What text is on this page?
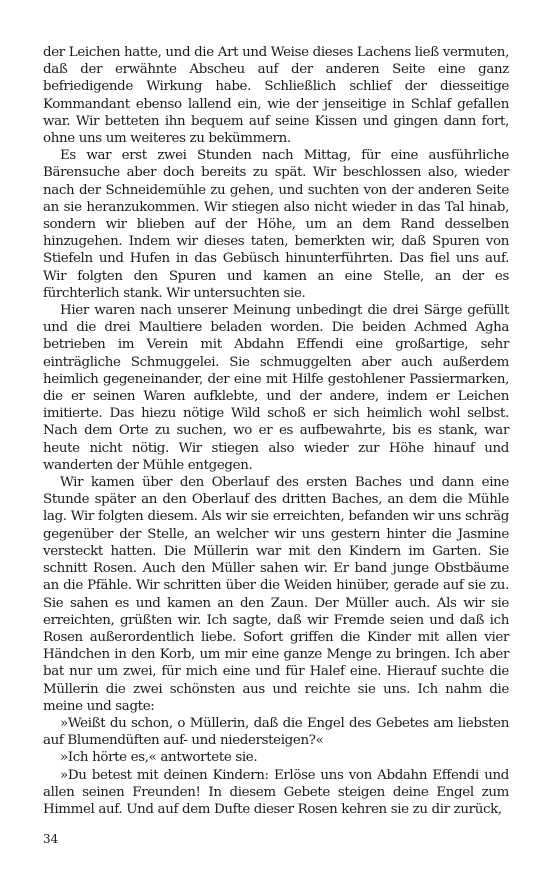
der Leichen hatte, und die Art und Weise dieses Lachens ließ vermuten, daß der erwähnte Abscheu auf der anderen Seite eine ganz befriedigende Wirkung habe. Schließlich schlief der diesseitige Kommandant ebenso lallend ein, wie der jenseitige in Schlaf gefallen war. Wir betteten ihn bequem auf seine Kissen und gingen dann fort, ohne uns um weiteres zu bekümmern.

Es war erst zwei Stunden nach Mittag, für eine ausführliche Bärensuche aber doch bereits zu spät. Wir beschlossen also, wieder nach der Schneidemühle zu gehen, und suchten von der anderen Seite an sie heranzukommen. Wir stiegen also nicht wieder in das Tal hinab, sondern wir blieben auf der Höhe, um an dem Rand desselben hinzugehen. Indem wir dieses taten, bemerkten wir, daß Spuren von Stiefeln und Hufen in das Gebüsch hinunterführten. Das fiel uns auf. Wir folgten den Spuren und kamen an eine Stelle, an der es fürchterlich stank. Wir untersuchten sie.

Hier waren nach unserer Meinung unbedingt die drei Särge gefüllt und die drei Maultiere beladen worden. Die beiden Achmed Agha betrieben im Verein mit Abdahn Effendi eine großartige, sehr einträgliche Schmuggelei. Sie schmuggelten aber auch außerdem heimlich gegeneinander, der eine mit Hilfe gestohlener Passiermarken, die er seinen Waren aufklebte, und der andere, indem er Leichen imitierte. Das hiezu nötige Wild schoß er sich heimlich wohl selbst. Nach dem Orte zu suchen, wo er es aufbewahrte, bis es stank, war heute nicht nötig. Wir stiegen also wieder zur Höhe hinauf und wanderten der Mühle entgegen.

Wir kamen über den Oberlauf des ersten Baches und dann eine Stunde später an den Oberlauf des dritten Baches, an dem die Mühle lag. Wir folgten diesem. Als wir sie erreichten, befanden wir uns schräg gegenüber der Stelle, an welcher wir uns gestern hinter die Jasmine versteckt hatten. Die Müllerin war mit den Kindern im Garten. Sie schnitt Rosen. Auch den Müller sahen wir. Er band junge Obstbäume an die Pfähle. Wir schritten über die Weiden hinüber, gerade auf sie zu. Sie sahen es und kamen an den Zaun. Der Müller auch. Als wir sie erreichten, grüßten wir. Ich sagte, daß wir Fremde seien und daß ich Rosen außerordentlich liebe. Sofort griffen die Kinder mit allen vier Händchen in den Korb, um mir eine ganze Menge zu bringen. Ich aber bat nur um zwei, für mich eine und für Halef eine. Hierauf suchte die Müllerin die zwei schönsten aus und reichte sie uns. Ich nahm die meine und sagte:

»Weißt du schon, o Müllerin, daß die Engel des Gebetes am liebsten auf Blumendüften auf- und niedersteigen?«

»Ich hörte es,« antwortete sie.

»Du betest mit deinen Kindern: Erlöse uns von Abdahn Effendi und allen seinen Freunden! In diesem Gebete steigen deine Engel zum Himmel auf. Und auf dem Dufte dieser Rosen kehren sie zu dir zurück,

34
